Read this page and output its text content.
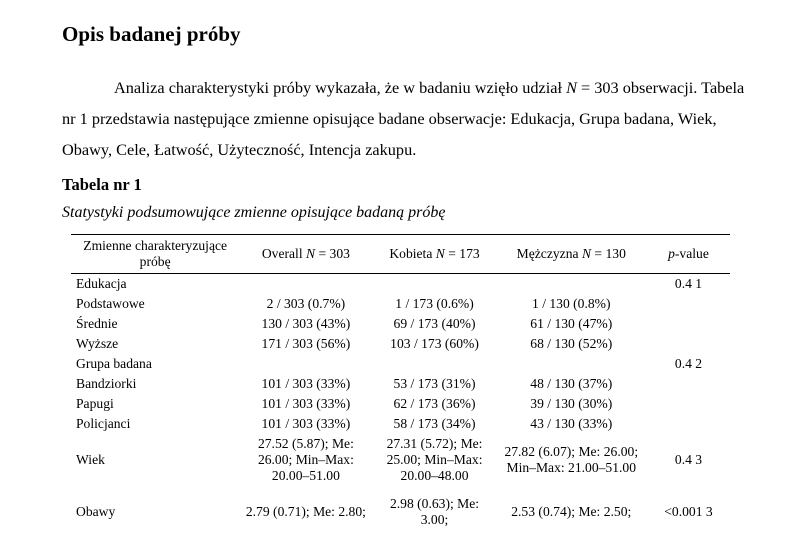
Opis badanej próby

Analiza charakterystyki próby wykazała, że w badaniu wzięło udział N = 303 obserwacji. Tabela nr 1 przedstawia następujące zmienne opisujące badane obserwacje: Edukacja, Grupa badana, Wiek, Obawy, Cele, Łatwość, Użyteczność, Intencja zakupu.

Tabela nr 1

Statystyki podsumowujące zmienne opisujące badaną próbę

Zmienne charakteryzujące próbę	Overall N = 303	Kobieta N = 173	Mężczyzna N = 130	p-value
Edukacja				0.4 1
Podstawowe	2 / 303 (0.7%)	1 / 173 (0.6%)	1 / 130 (0.8%)	
Średnie	130 / 303 (43%)	69 / 173 (40%)	61 / 130 (47%)	
Wyższe	171 / 303 (56%)	103 / 173 (60%)	68 / 130 (52%)	
Grupa badana				0.4 2
Bandziorki	101 / 303 (33%)	53 / 173 (31%)	48 / 130 (37%)	
Papugi	101 / 303 (33%)	62 / 173 (36%)	39 / 130 (30%)	
Policjanci	101 / 303 (33%)	58 / 173 (34%)	43 / 130 (33%)	
Wiek	27.52 (5.87); Me: 26.00; Min–Max: 20.00–51.00	27.31 (5.72); Me: 25.00; Min–Max: 20.00–48.00	27.82 (6.07); Me: 26.00; Min–Max: 21.00–51.00	0.4 3
Obawy	2.79 (0.71); Me: 2.80;	2.98 (0.63); Me: 3.00;	2.53 (0.74); Me: 2.50;	<0.001 3
